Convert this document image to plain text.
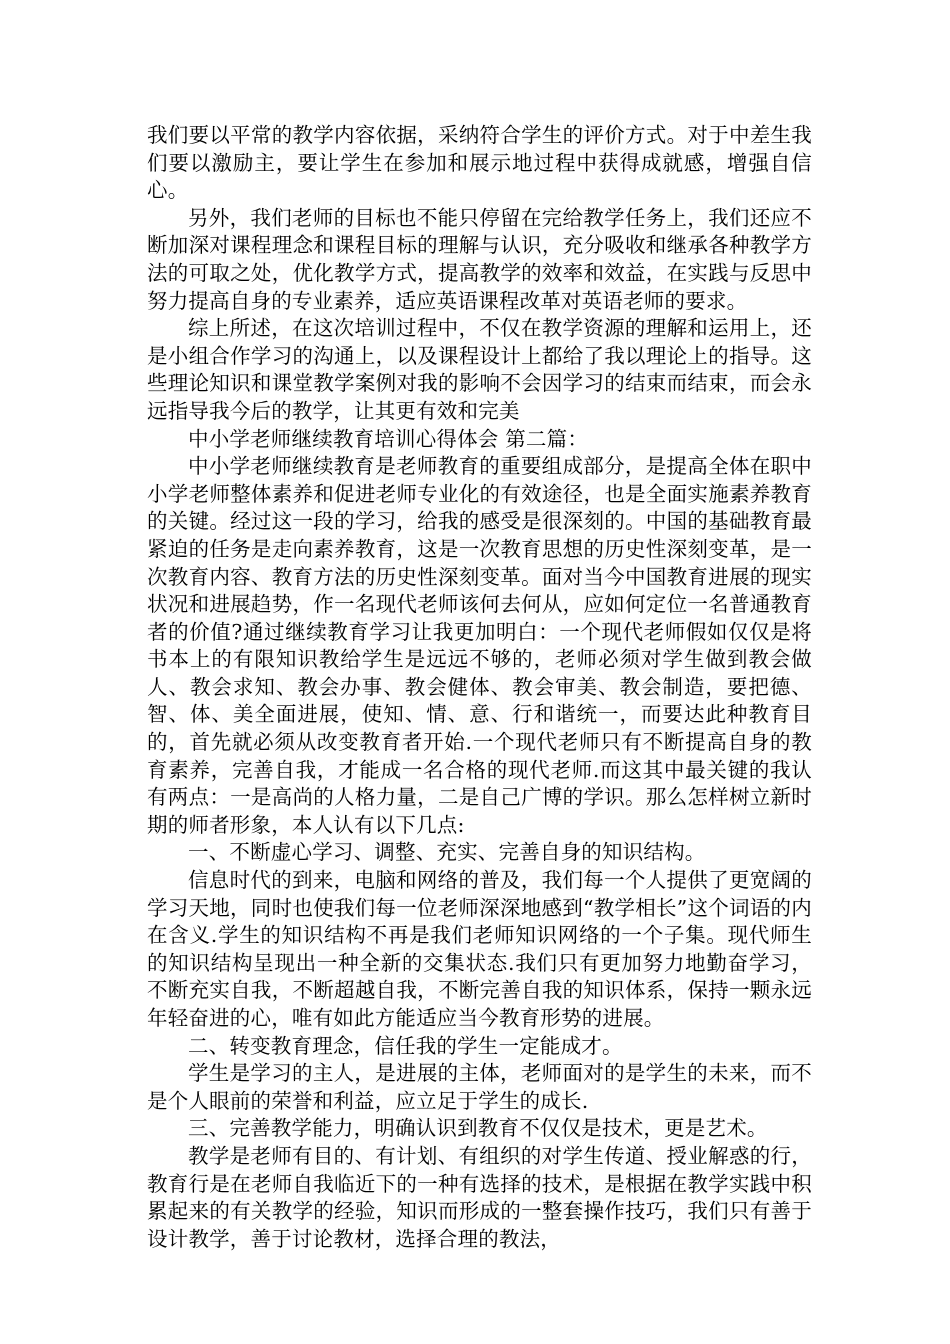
我们要以平常的教学内容依据，采纳符合学生的评价方式。对于中差生我们要以激励主，要让学生在参加和展示地过程中获得成就感，增强自信心。

另外，我们老师的目标也不能只停留在完给教学任务上，我们还应不断加深对课程理念和课程目标的理解与认识，充分吸收和继承各种教学方法的可取之处，优化教学方式，提高教学的效率和效益，在实践与反思中努力提高自身的专业素养，适应英语课程改革对英语老师的要求。

综上所述，在这次培训过程中，不仅在教学资源的理解和运用上，还是小组合作学习的沟通上，以及课程设计上都给了我以理论上的指导。这些理论知识和课堂教学案例对我的影响不会因学习的结束而结束，而会永远指导我今后的教学，让其更有效和完美

中小学老师继续教育培训心得体会 第二篇：

中小学老师继续教育是老师教育的重要组成部分，是提高全体在职中小学老师整体素养和促进老师专业化的有效途径，也是全面实施素养教育的关键。经过这一段的学习，给我的感受是很深刻的。中国的基础教育最紧迫的任务是走向素养教育，这是一次教育思想的历史性深刻变革，是一次教育内容、教育方法的历史性深刻变革。面对当今中国教育进展的现实状况和进展趋势，作一名现代老师该何去何从，应如何定位一名普通教育者的价值?通过继续教育学习让我更加明白：一个现代老师假如仅仅是将书本上的有限知识教给学生是远远不够的，老师必须对学生做到教会做人、教会求知、教会办事、教会健体、教会审美、教会制造，要把德、智、体、美全面进展，使知、情、意、行和谐统一，而要达此种教育目的，首先就必须从改变教育者开始.一个现代老师只有不断提高自身的教育素养，完善自我，才能成一名合格的现代老师.而这其中最关键的我认有两点：一是高尚的人格力量，二是自己广博的学识。那么怎样树立新时期的师者形象，本人认有以下几点:

一、不断虚心学习、调整、充实、完善自身的知识结构。

信息时代的到来，电脑和网络的普及，我们每一个人提供了更宽阔的学习天地，同时也使我们每一位老师深深地感到“教学相长”这个词语的内在含义.学生的知识结构不再是我们老师知识网络的一个子集。现代师生的知识结构呈现出一种全新的交集状态.我们只有更加努力地勤奋学习，不断充实自我，不断超越自我，不断完善自我的知识体系，保持一颗永远年轻奋进的心，唯有如此方能适应当今教育形势的进展。

二、转变教育理念，信任我的学生一定能成才。

学生是学习的主人，是进展的主体，老师面对的是学生的未来，而不是个人眼前的荣誉和利益，应立足于学生的成长.

三、完善教学能力，明确认识到教育不仅仅是技术，更是艺术。

教学是老师有目的、有计划、有组织的对学生传道、授业解惑的行，教育行是在老师自我临近下的一种有选择的技术，是根据在教学实践中积累起来的有关教学的经验，知识而形成的一整套操作技巧，我们只有善于设计教学，善于讨论教材，选择合理的教法，
